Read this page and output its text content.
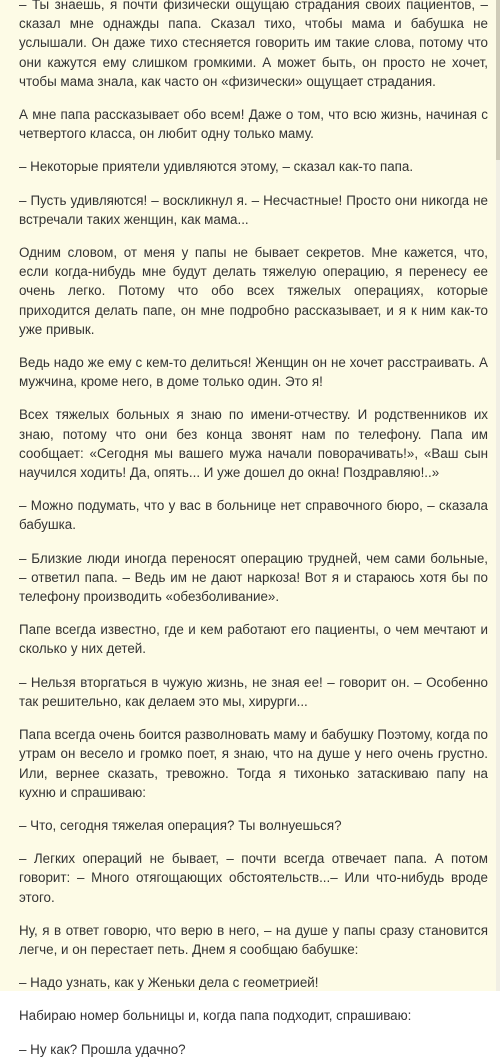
– Ты знаешь, я почти физически ощущаю страдания своих пациентов, – сказал мне однажды папа. Сказал тихо, чтобы мама и бабушка не услышали. Он даже тихо стесняется говорить им такие слова, потому что они кажутся ему слишком громкими. А может быть, он просто не хочет, чтобы мама знала, как часто он «физически» ощущает страдания.

А мне папа рассказывает обо всем! Даже о том, что всю жизнь, начиная с четвертого класса, он любит одну только маму.

– Некоторые приятели удивляются этому, – сказал как-то папа.

– Пусть удивляются! – воскликнул я. – Несчастные! Просто они никогда не встречали таких женщин, как мама...

Одним словом, от меня у папы не бывает секретов. Мне кажется, что, если когда-нибудь мне будут делать тяжелую операцию, я перенесу ее очень легко. Потому что обо всех тяжелых операциях, которые приходится делать папе, он мне подробно рассказывает, и я к ним как-то уже привык.

Ведь надо же ему с кем-то делиться! Женщин он не хочет расстраивать. А мужчина, кроме него, в доме только один. Это я!

Всех тяжелых больных я знаю по имени-отчеству. И родственников их знаю, потому что они без конца звонят нам по телефону. Папа им сообщает: «Сегодня мы вашего мужа начали поворачивать!», «Ваш сын научился ходить! Да, опять... И уже дошел до окна! Поздравляю!..»

– Можно подумать, что у вас в больнице нет справочного бюро, – сказала бабушка.

– Близкие люди иногда переносят операцию трудней, чем сами больные, – ответил папа. – Ведь им не дают наркоза! Вот я и стараюсь хотя бы по телефону производить «обезболивание».

Папе всегда известно, где и кем работают его пациенты, о чем мечтают и сколько у них детей.

– Нельзя вторгаться в чужую жизнь, не зная ее! – говорит он. – Особенно так решительно, как делаем это мы, хирурги...

Папа всегда очень боится разволновать маму и бабушку Поэтому, когда по утрам он весело и громко поет, я знаю, что на душе у него очень грустно. Или, вернее сказать, тревожно. Тогда я тихонько затаскиваю папу на кухню и спрашиваю:

– Что, сегодня тяжелая операция? Ты волнуешься?

– Легких операций не бывает, – почти всегда отвечает папа. А потом говорит: – Много отягощающих обстоятельств...– Или что-нибудь вроде этого.

Ну, я в ответ говорю, что верю в него, – на душе у папы сразу становится легче, и он перестает петь. Днем я сообщаю бабушке:

– Надо узнать, как у Женьки дела с геометрией!

Набираю номер больницы и, когда папа подходит, спрашиваю:

– Ну как? Прошла удачно?
